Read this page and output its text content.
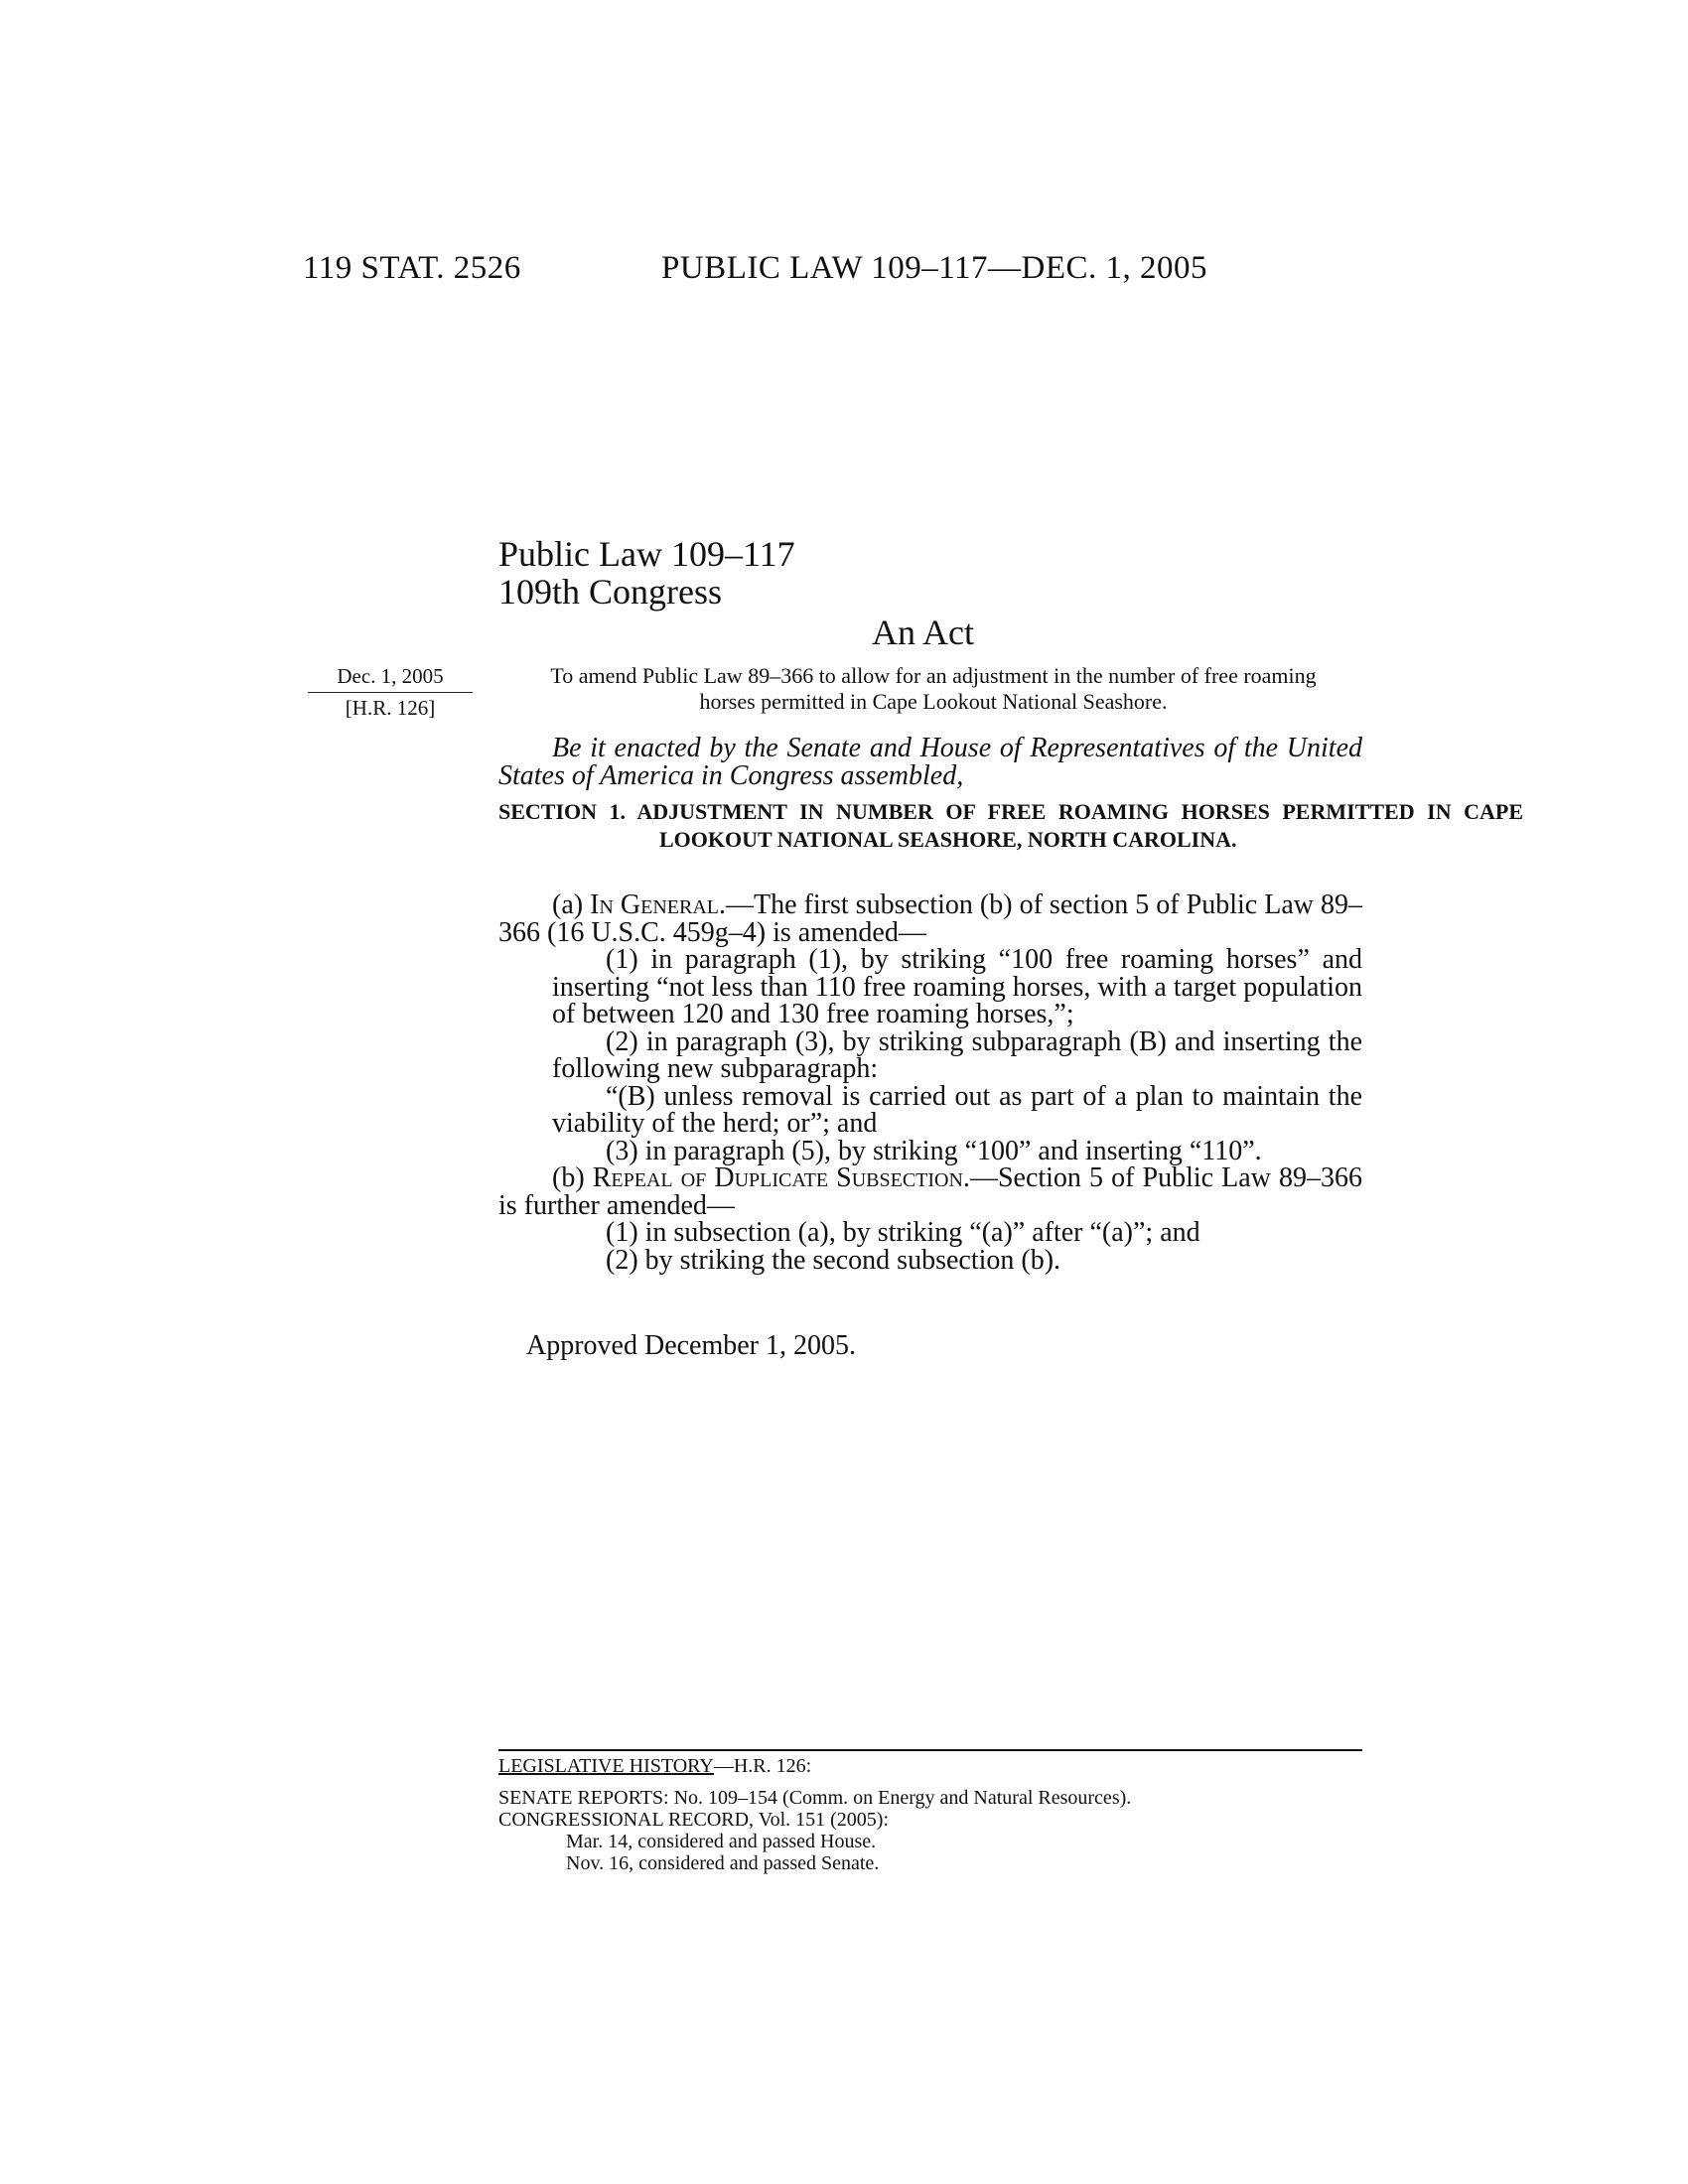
119 STAT. 2526	PUBLIC LAW 109–117—DEC. 1, 2005
Public Law 109–117
109th Congress
An Act
Dec. 1, 2005
[H.R. 126]
To amend Public Law 89–366 to allow for an adjustment in the number of free roaming horses permitted in Cape Lookout National Seashore.
Be it enacted by the Senate and House of Representatives of the United States of America in Congress assembled,
SECTION 1. ADJUSTMENT IN NUMBER OF FREE ROAMING HORSES PERMITTED IN CAPE LOOKOUT NATIONAL SEASHORE, NORTH CAROLINA.

(a) In General.—The first subsection (b) of section 5 of Public Law 89–366 (16 U.S.C. 459g–4) is amended—

(1) in paragraph (1), by striking “100 free roaming horses” and inserting “not less than 110 free roaming horses, with a target population of between 120 and 130 free roaming horses,”;

(2) in paragraph (3), by striking subparagraph (B) and inserting the following new subparagraph:

“(B) unless removal is carried out as part of a plan to maintain the viability of the herd; or”; and

(3) in paragraph (5), by striking “100” and inserting “110”.

(b) Repeal of Duplicate Subsection.—Section 5 of Public Law 89–366 is further amended—

(1) in subsection (a), by striking “(a)” after “(a)”; and

(2) by striking the second subsection (b).

Approved December 1, 2005.

LEGISLATIVE HISTORY—H.R. 126:

SENATE REPORTS: No. 109–154 (Comm. on Energy and Natural Resources).

CONGRESSIONAL RECORD, Vol. 151 (2005):

Mar. 14, considered and passed House.

Nov. 16, considered and passed Senate.
